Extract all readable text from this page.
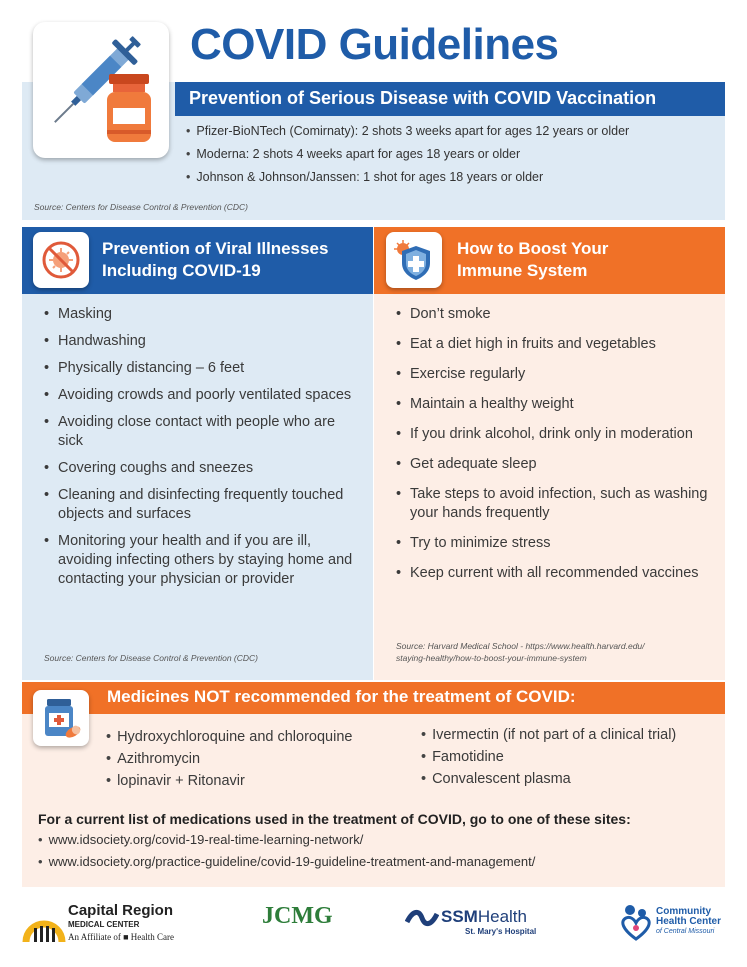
COVID Guidelines
Prevention of Serious Disease with COVID Vaccination
• Pfizer-BioNTech (Comirnaty): 2 shots 3 weeks apart for ages 12 years or older
• Moderna: 2 shots 4 weeks apart for ages 18 years or older
• Johnson & Johnson/Janssen: 1 shot for ages 18 years or older
Source: Centers for Disease Control & Prevention (CDC)
Prevention of Viral Illnesses
Including COVID-19
• Masking
• Handwashing
• Physically distancing – 6 feet
• Avoiding crowds and poorly ventilated spaces
• Avoiding close contact with people who are sick
• Covering coughs and sneezes
• Cleaning and disinfecting frequently touched objects and surfaces
• Monitoring your health and if you are ill, avoiding infecting others by staying home and contacting your physician or provider
Source: Centers for Disease Control & Prevention (CDC)
How to Boost Your
Immune System
• Don’t smoke
• Eat a diet high in fruits and vegetables
• Exercise regularly
• Maintain a healthy weight
• If you drink alcohol, drink only in moderation
• Get adequate sleep
• Take steps to avoid infection, such as washing your hands frequently
• Try to minimize stress
• Keep current with all recommended vaccines
Source: Harvard Medical School - https://www.health.harvard.edu/
staying-healthy/how-to-boost-your-immune-system
Medicines NOT recommended for the treatment of COVID:
• Hydroxychloroquine and chloroquine
• Azithromycin
• lopinavir + Ritonavir
• Ivermectin (if not part of a clinical trial)
• Famotidine
• Convalescent plasma
For a current list of medications used in the treatment of COVID, go to one of these sites:
• www.idsociety.org/covid-19-real-time-learning-network/
• www.idsociety.org/practice-guideline/covid-19-guideline-treatment-and-management/
Capital Region
MEDICAL CENTER
An Affiliate of ■ Health Care
JCMG	SSMHealth
St. Mary's Hospital
Community
Health Center
of Central Missouri
